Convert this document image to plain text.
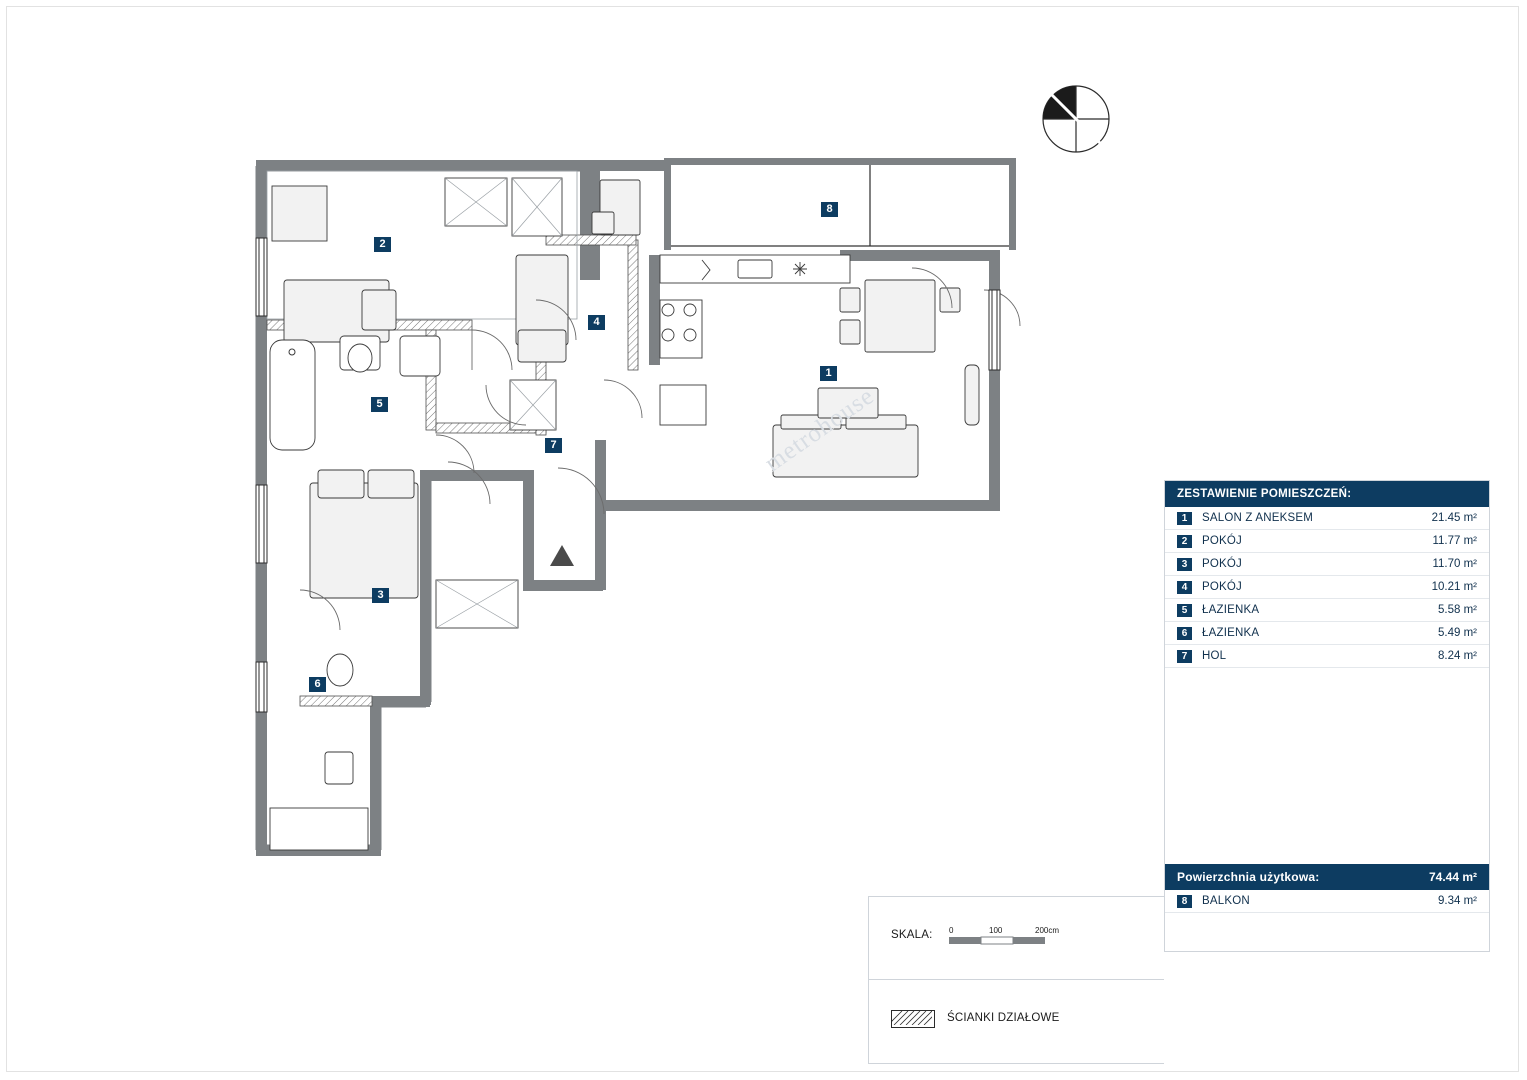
metrohouse
1
2
3
4
5
6
7
8
ZESTAWIENIE POMIESZCZEŃ:
1	SALON Z ANEKSEM	21.45 m²
2	POKÓJ	11.77 m²
3	POKÓJ	11.70 m²
4	POKÓJ	10.21 m²
5	ŁAZIENKA	5.58 m²
6	ŁAZIENKA	5.49 m²
7	HOL	8.24 m²
Powierzchnia użytkowa:	74.44 m²
8	BALKON	9.34 m²
SKALA: 0	100	200cm
ŚCIANKI DZIAŁOWE
